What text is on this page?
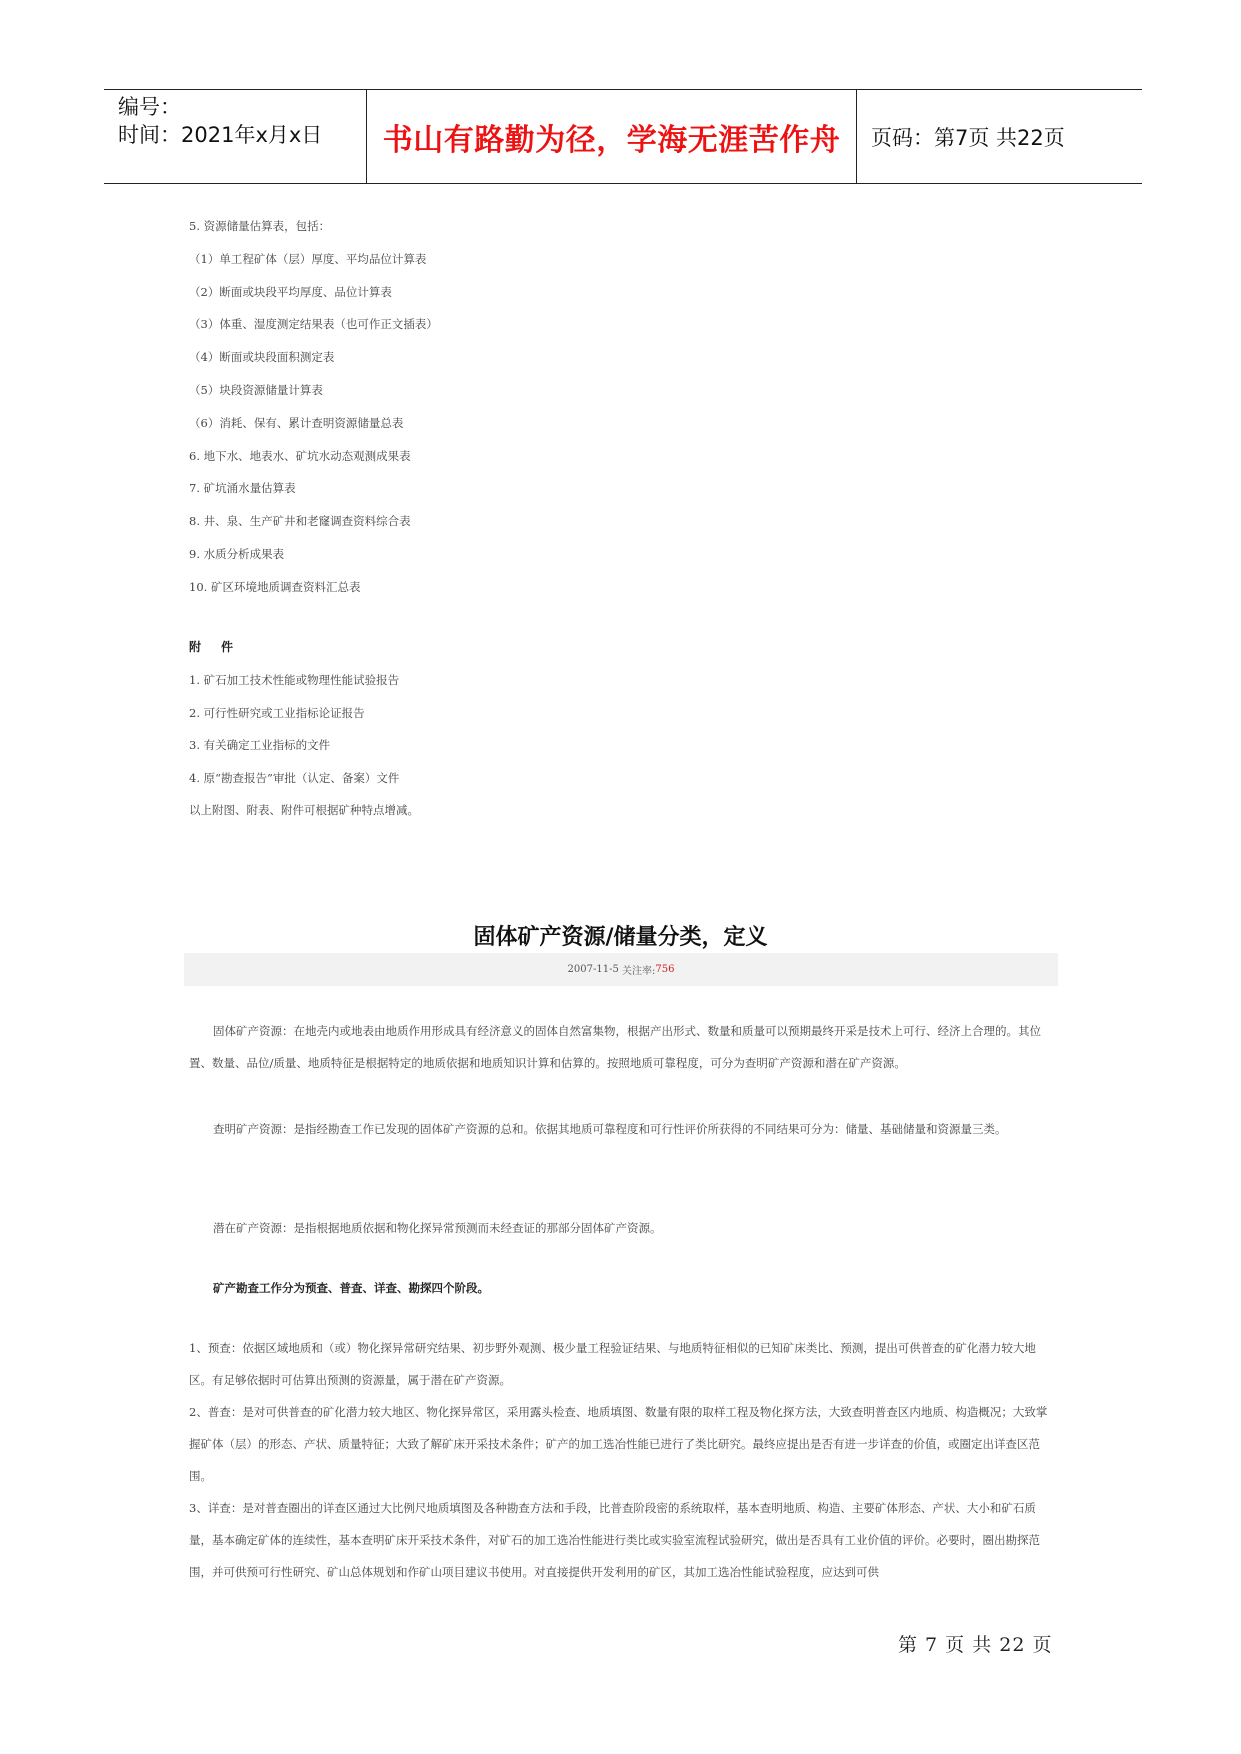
编号：
时间：2021年x月x日	书山有路勤为径，学海无涯苦作舟	页码：第7页 共22页
5. 资源储量估算表，包括：
（1）单工程矿体（层）厚度、平均品位计算表
（2）断面或块段平均厚度、品位计算表
（3）体重、湿度测定结果表（也可作正文插表）
（4）断面或块段面积测定表
（5）块段资源储量计算表
（6）消耗、保有、累计查明资源储量总表
6. 地下水、地表水、矿坑水动态观测成果表
7. 矿坑涌水量估算表
8. 井、泉、生产矿井和老窿调查资料综合表
9. 水质分析成果表
10. 矿区环境地质调查资料汇总表
附件
1. 矿石加工技术性能或物理性能试验报告
2. 可行性研究或工业指标论证报告
3. 有关确定工业指标的文件
4. 原“勘查报告”审批（认定、备案）文件
以上附图、附表、附件可根据矿种特点增减。
固体矿产资源/储量分类，定义
2007-11-5
关注率: 756
固体矿产资源：在地壳内或地表由地质作用形成具有经济意义的固体自然富集物，根据产出形式、数量和质量可以预期最终开采是技术上可行、经济上合理的。其位置、数量、品位/质量、地质特征是根据特定的地质依据和地质知识计算和估算的。按照地质可靠程度，可分为查明矿产资源和潜在矿产资源。
查明矿产资源：是指经勘查工作已发现的固体矿产资源的总和。依据其地质可靠程度和可行性评价所获得的不同结果可分为：储量、基础储量和资源量三类。
潜在矿产资源：是指根据地质依据和物化探异常预测而未经查证的那部分固体矿产资源。
矿产勘查工作分为预查、普查、详查、勘探四个阶段。
1、预查：依据区域地质和（或）物化探异常研究结果、初步野外观测、极少量工程验证结果、与地质特征相似的已知矿床类比、预测，提出可供普查的矿化潜力较大地区。有足够依据时可估算出预测的资源量，属于潜在矿产资源。
2、普查：是对可供普查的矿化潜力较大地区、物化探异常区，采用露头检查、地质填图、数量有限的取样工程及物化探方法，大致查明普查区内地质、构造概况；大致掌握矿体（层）的形态、产状、质量特征；大致了解矿床开采技术条件；矿产的加工选冶性能已进行了类比研究。最终应提出是否有进一步详查的价值，或圈定出详查区范围。
3、详查：是对普查圈出的详查区通过大比例尺地质填图及各种勘查方法和手段，比普查阶段密的系统取样，基本查明地质、构造、主要矿体形态、产状、大小和矿石质量，基本确定矿体的连续性，基本查明矿床开采技术条件，对矿石的加工选冶性能进行类比或实验室流程试验研究，做出是否具有工业价值的评价。必要时，圈出勘探范围，并可供预可行性研究、矿山总体规划和作矿山项目建议书使用。对直接提供开发利用的矿区，其加工选冶性能试验程度，应达到可供
第 7 页 共 22 页
